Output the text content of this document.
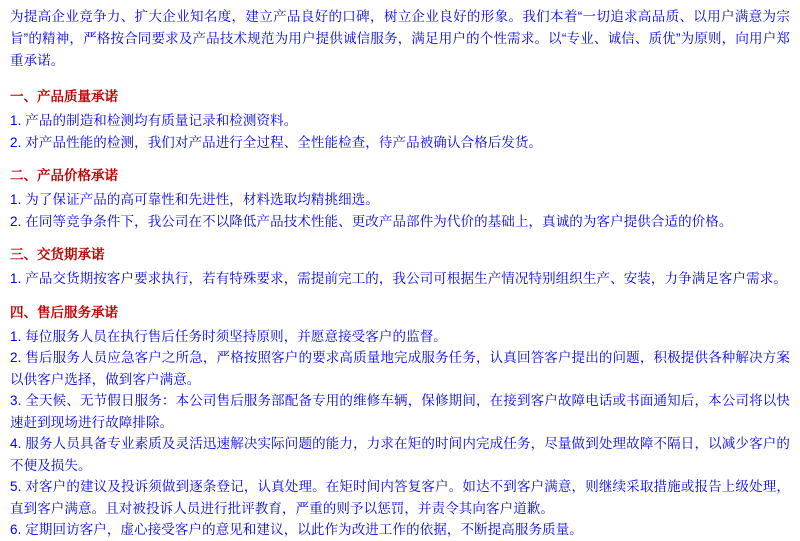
为提高企业竞争力、扩大企业知名度，建立产品良好的口碑，树立企业良好的形象。我们本着“一切追求高品质、以用户满意为宗旨”的精神，严格按合同要求及产品技术规范为用户提供诚信服务，满足用户的个性需求。以“专业、诚信、质优”为原则，向用户郑重承诺。

一、产品质量承诺

1. 产品的制造和检测均有质量记录和检测资料。

2. 对产品性能的检测，我们对产品进行全过程、全性能检查，待产品被确认合格后发货。

二、产品价格承诺

1. 为了保证产品的高可靠性和先进性，材料选取均精挑细选。

2. 在同等竞争条件下，我公司在不以降低产品技术性能、更改产品部件为代价的基础上，真诚的为客户提供合适的价格。

三、交货期承诺

1. 产品交货期按客户要求执行，若有特殊要求，需提前完工的，我公司可根据生产情况特别组织生产、安装，力争满足客户需求。

四、售后服务承诺

1. 每位服务人员在执行售后任务时须坚持原则，并愿意接受客户的监督。

2. 售后服务人员应急客户之所急，严格按照客户的要求高质量地完成服务任务，认真回答客户提出的问题，积极提供各种解决方案以供客户选择，做到客户满意。

3. 全天候、无节假日服务：本公司售后服务部配备专用的维修车辆，保修期间，在接到客户故障电话或书面通知后，本公司将以快速赶到现场进行故障排除。

4. 服务人员具备专业素质及灵活迅速解决实际问题的能力，力求在矩的时间内完成任务，尽量做到处理故障不隔日，以减少客户的不便及损失。

5. 对客户的建议及投诉须做到逐条登记，认真处理。在矩时间内答复客户。如达不到客户满意，则继续采取措施或报告上级处理，直到客户满意。且对被投诉人员进行批评教育，严重的则予以惩罚，并责令其向客户道歉。

6. 定期回访客户，虚心接受客户的意见和建议，以此作为改进工作的依据，不断提高服务质量。
